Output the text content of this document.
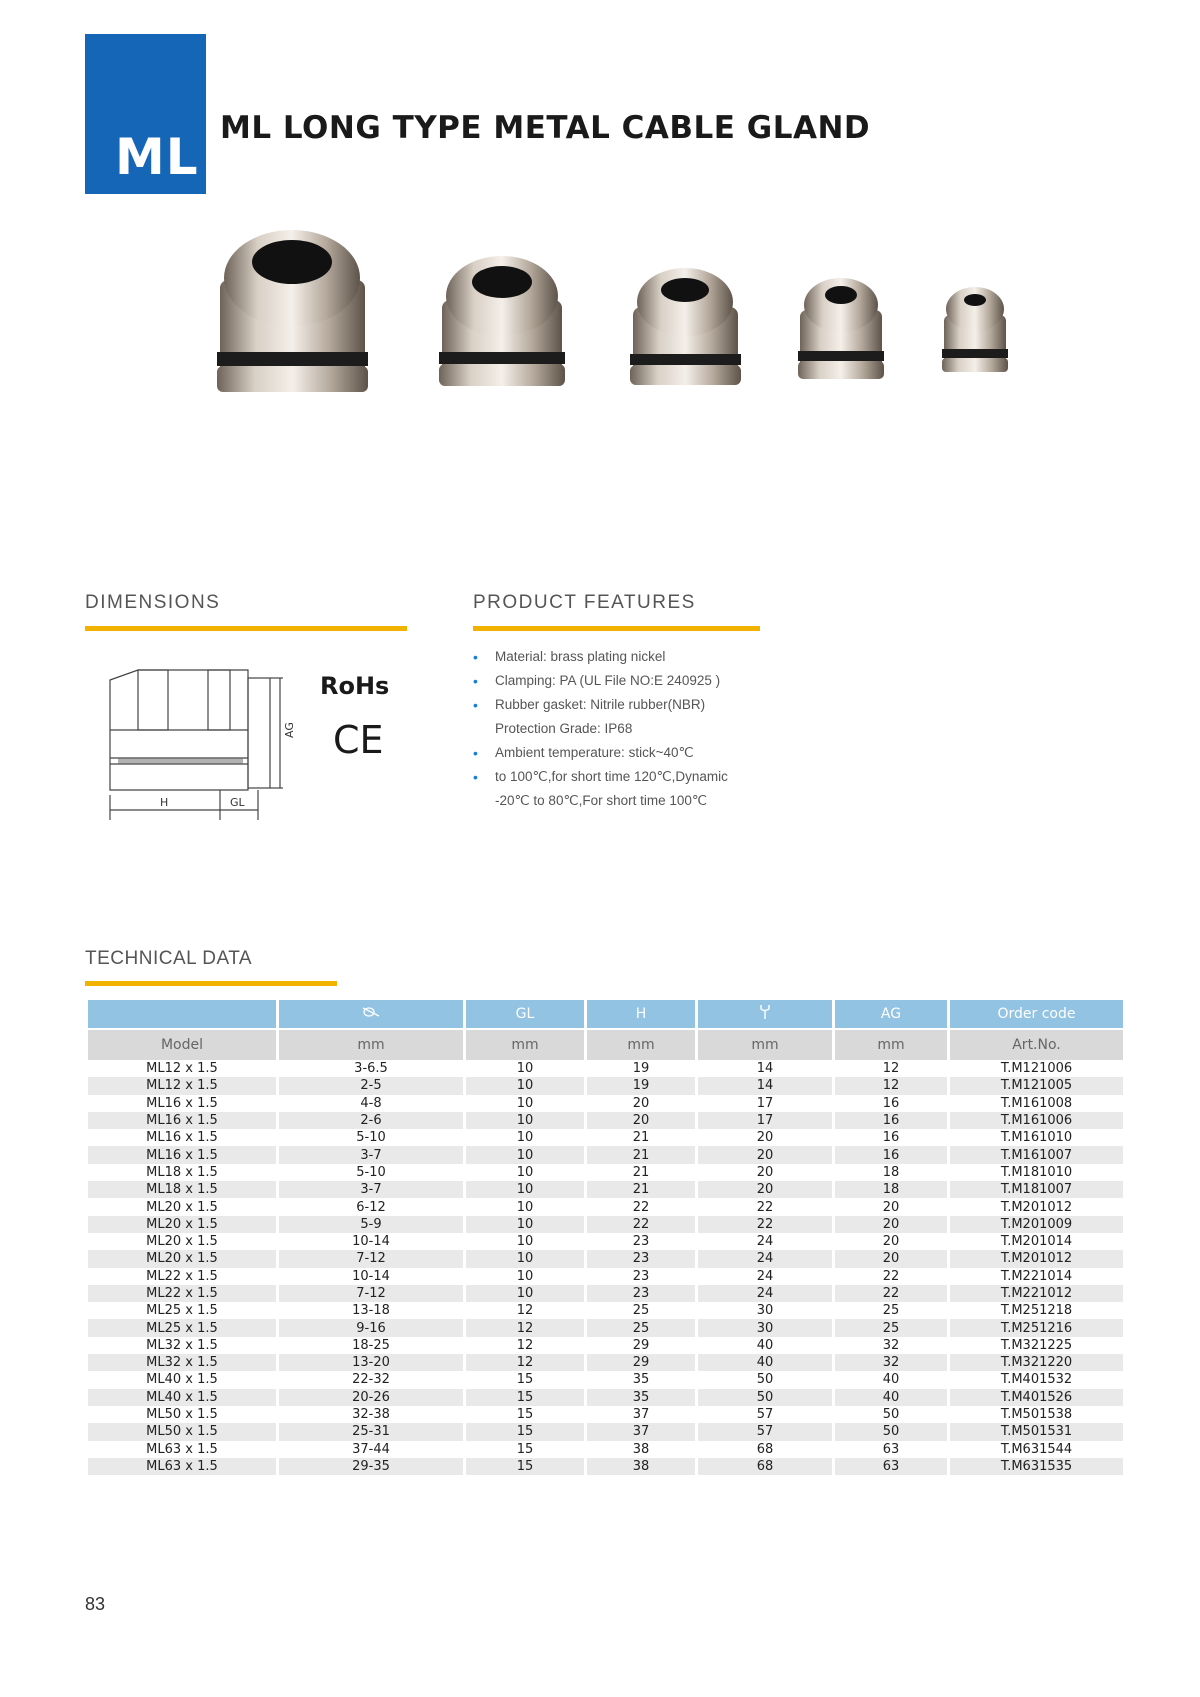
ML ML LONG TYPE METAL CABLE GLAND
DIMENSIONS
H	GL
AG
RoHs
CE
PRODUCT FEATURES
• Material: brass plating nickel
• Clamping: PA (UL File NO:E 240925 )
• Rubber gasket: Nitrile rubber(NBR)
Protection Grade: IP68
• Ambient temperature: stick~40℃
• to 100℃,for short time 120℃,Dynamic
-20℃ to 80℃,For short time 100℃
TECHNICAL DATA
		GL	H		AG	Order code
Model	mm	mm	mm	mm	mm	Art.No.
ML12 x 1.5	3-6.5	10	19	14	12	T.M121006
ML12 x 1.5	2-5	10	19	14	12	T.M121005
ML16 x 1.5	4-8	10	20	17	16	T.M161008
ML16 x 1.5	2-6	10	20	17	16	T.M161006
ML16 x 1.5	5-10	10	21	20	16	T.M161010
ML16 x 1.5	3-7	10	21	20	16	T.M161007
ML18 x 1.5	5-10	10	21	20	18	T.M181010
ML18 x 1.5	3-7	10	21	20	18	T.M181007
ML20 x 1.5	6-12	10	22	22	20	T.M201012
ML20 x 1.5	5-9	10	22	22	20	T.M201009
ML20 x 1.5	10-14	10	23	24	20	T.M201014
ML20 x 1.5	7-12	10	23	24	20	T.M201012
ML22 x 1.5	10-14	10	23	24	22	T.M221014
ML22 x 1.5	7-12	10	23	24	22	T.M221012
ML25 x 1.5	13-18	12	25	30	25	T.M251218
ML25 x 1.5	9-16	12	25	30	25	T.M251216
ML32 x 1.5	18-25	12	29	40	32	T.M321225
ML32 x 1.5	13-20	12	29	40	32	T.M321220
ML40 x 1.5	22-32	15	35	50	40	T.M401532
ML40 x 1.5	20-26	15	35	50	40	T.M401526
ML50 x 1.5	32-38	15	37	57	50	T.M501538
ML50 x 1.5	25-31	15	37	57	50	T.M501531
ML63 x 1.5	37-44	15	38	68	63	T.M631544
ML63 x 1.5	29-35	15	38	68	63	T.M631535
83
